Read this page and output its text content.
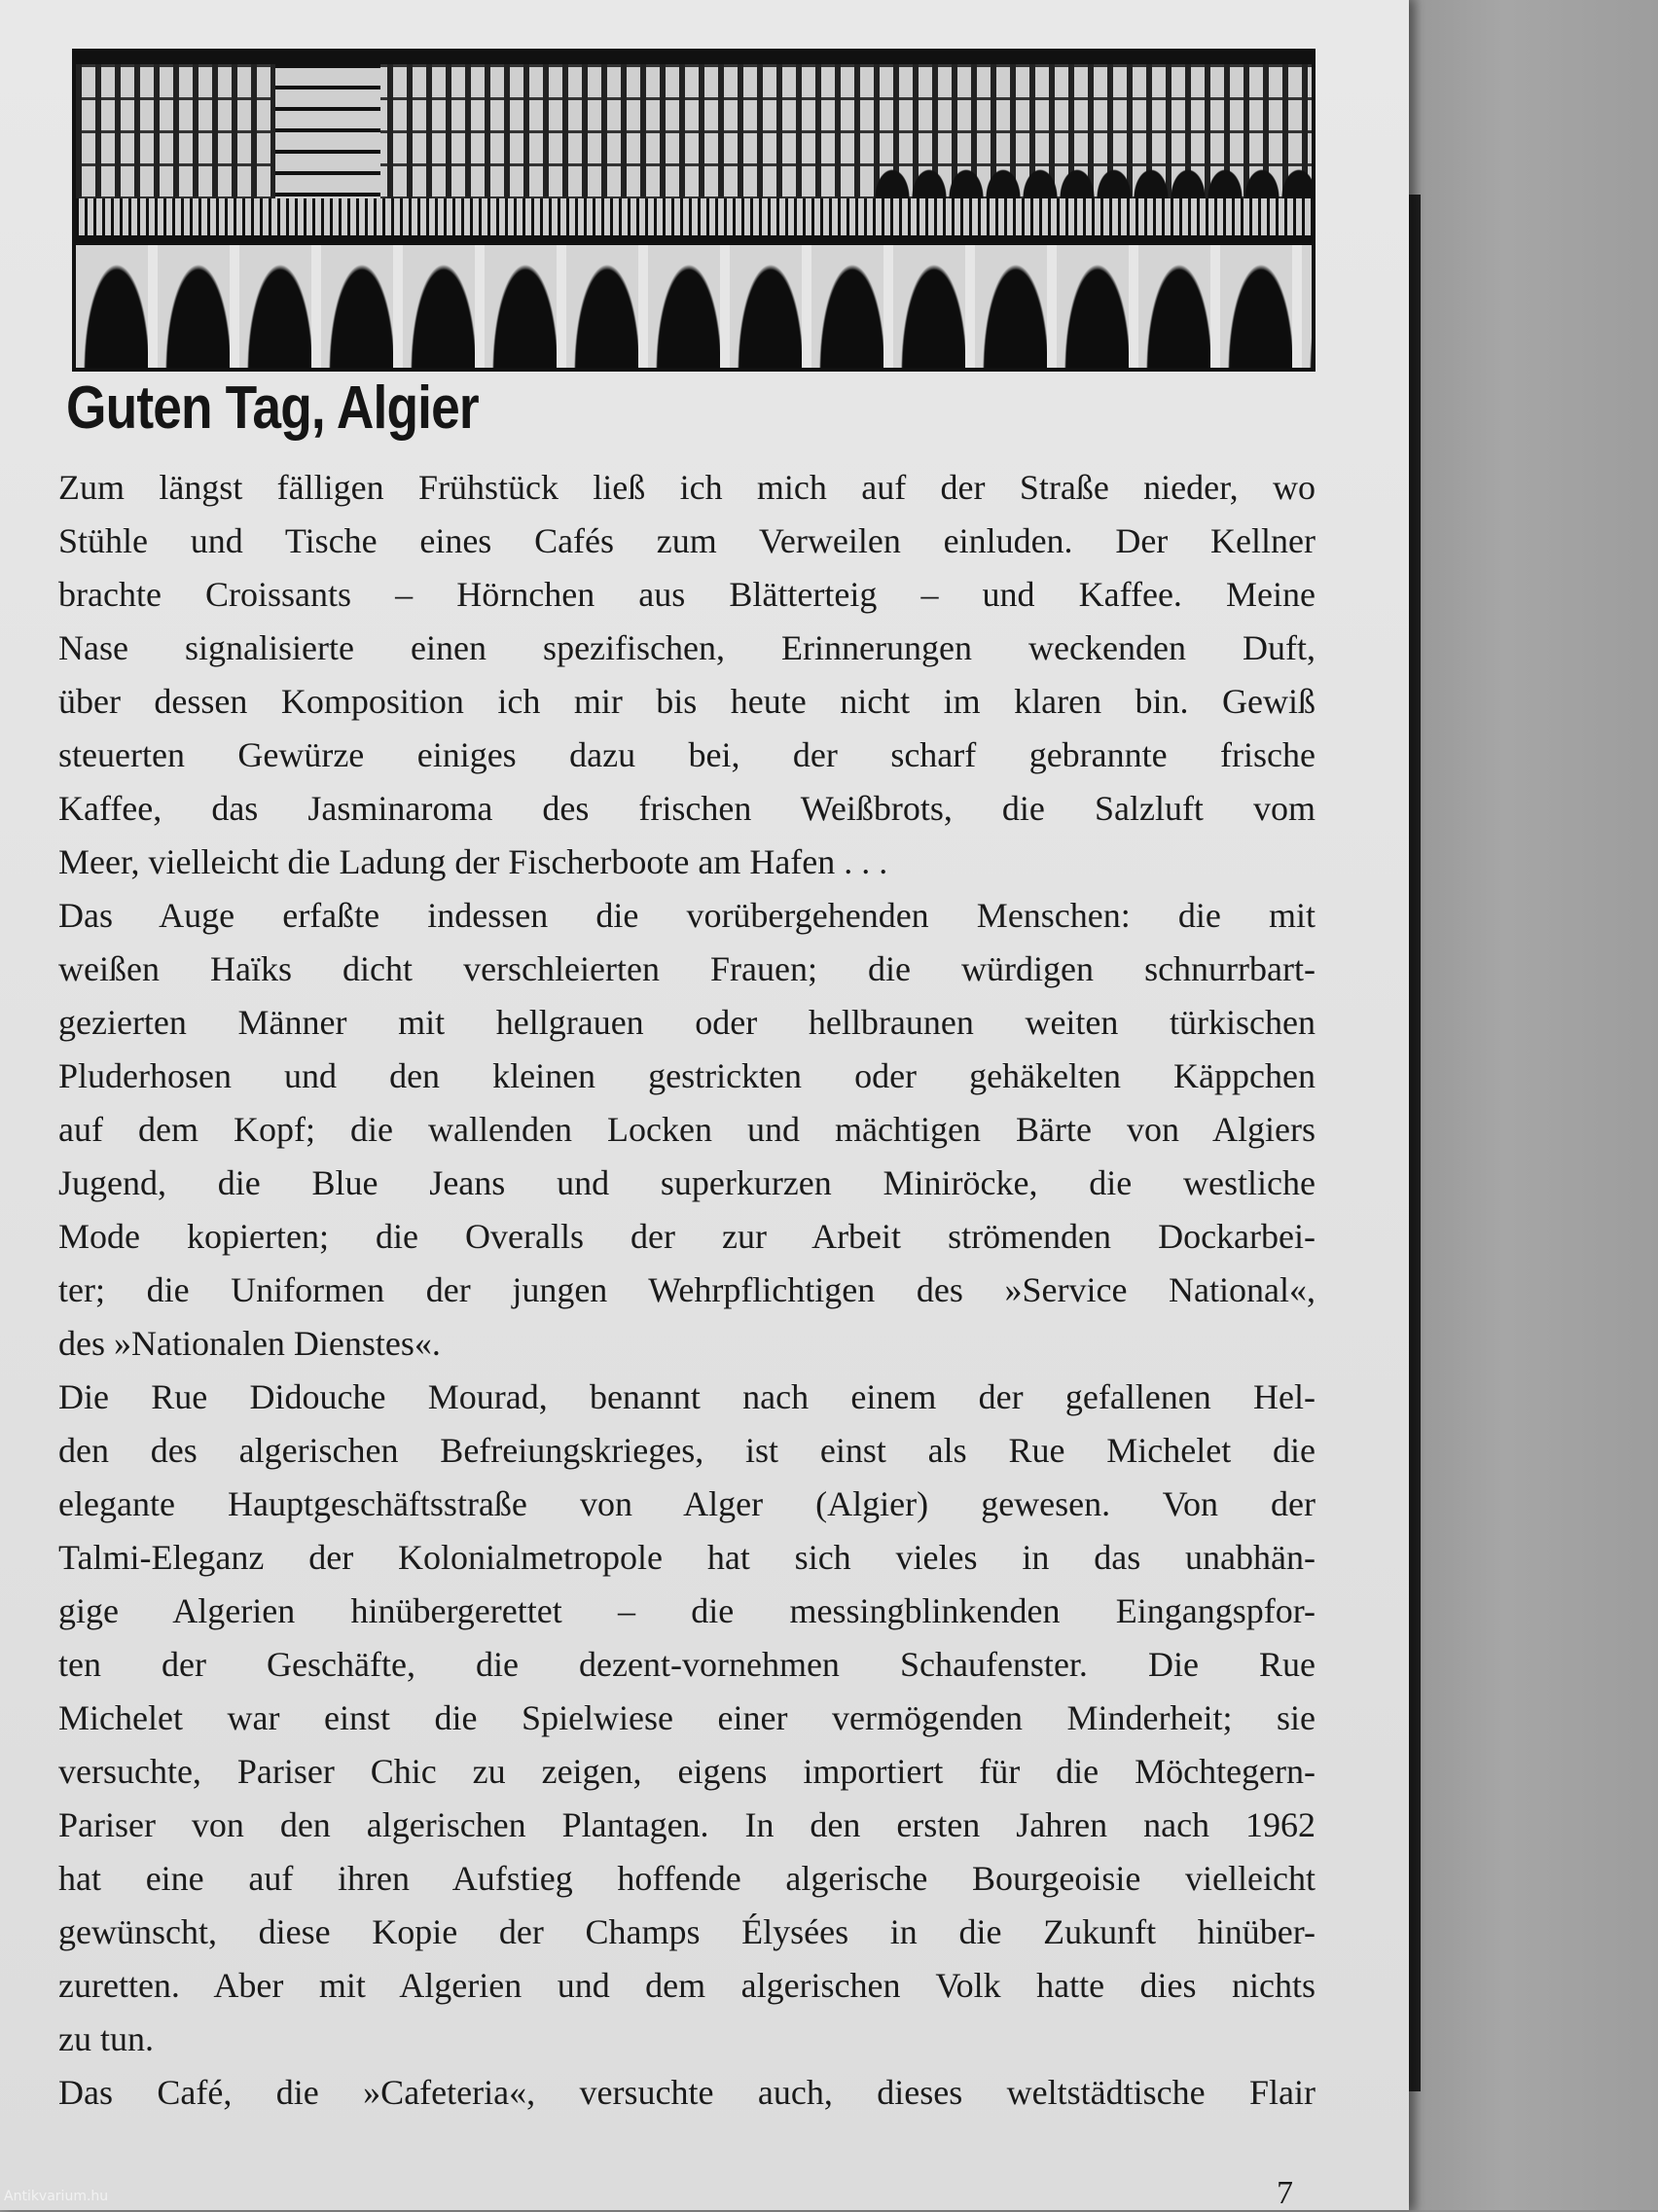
Guten Tag, Algier
Zum längst fälligen Frühstück ließ ich mich auf der Straße nieder, wo
Stühle und Tische eines Cafés zum Verweilen einluden. Der Kellner
brachte Croissants – Hörnchen aus Blätterteig – und Kaffee. Meine
Nase signalisierte einen spezifischen, Erinnerungen weckenden Duft,
über dessen Komposition ich mir bis heute nicht im klaren bin. Gewiß
steuerten Gewürze einiges dazu bei, der scharf gebrannte frische
Kaffee, das Jasminaroma des frischen Weißbrots, die Salzluft vom
Meer, vielleicht die Ladung der Fischerboote am Hafen . . .
Das Auge erfaßte indessen die vorübergehenden Menschen: die mit
weißen Haïks dicht verschleierten Frauen; die würdigen schnurrbart-
gezierten Männer mit hellgrauen oder hellbraunen weiten türkischen
Pluderhosen und den kleinen gestrickten oder gehäkelten Käppchen
auf dem Kopf; die wallenden Locken und mächtigen Bärte von Algiers
Jugend, die Blue Jeans und superkurzen Miniröcke, die westliche
Mode kopierten; die Overalls der zur Arbeit strömenden Dockarbei-
ter; die Uniformen der jungen Wehrpflichtigen des »Service National«,
des »Nationalen Dienstes«.
Die Rue Didouche Mourad, benannt nach einem der gefallenen Hel-
den des algerischen Befreiungskrieges, ist einst als Rue Michelet die
elegante Hauptgeschäftsstraße von Alger (Algier) gewesen. Von der
Talmi-Eleganz der Kolonialmetropole hat sich vieles in das unabhän-
gige Algerien hinübergerettet – die messingblinkenden Eingangspfor-
ten der Geschäfte, die dezent-vornehmen Schaufenster. Die Rue
Michelet war einst die Spielwiese einer vermögenden Minderheit; sie
versuchte, Pariser Chic zu zeigen, eigens importiert für die Möchtegern-
Pariser von den algerischen Plantagen. In den ersten Jahren nach 1962
hat eine auf ihren Aufstieg hoffende algerische Bourgeoisie vielleicht
gewünscht, diese Kopie der Champs Élysées in die Zukunft hinüber-
zuretten. Aber mit Algerien und dem algerischen Volk hatte dies nichts
zu tun.
Das Café, die »Cafeteria«, versuchte auch, dieses weltstädtische Flair
7
Antikvarium.hu
